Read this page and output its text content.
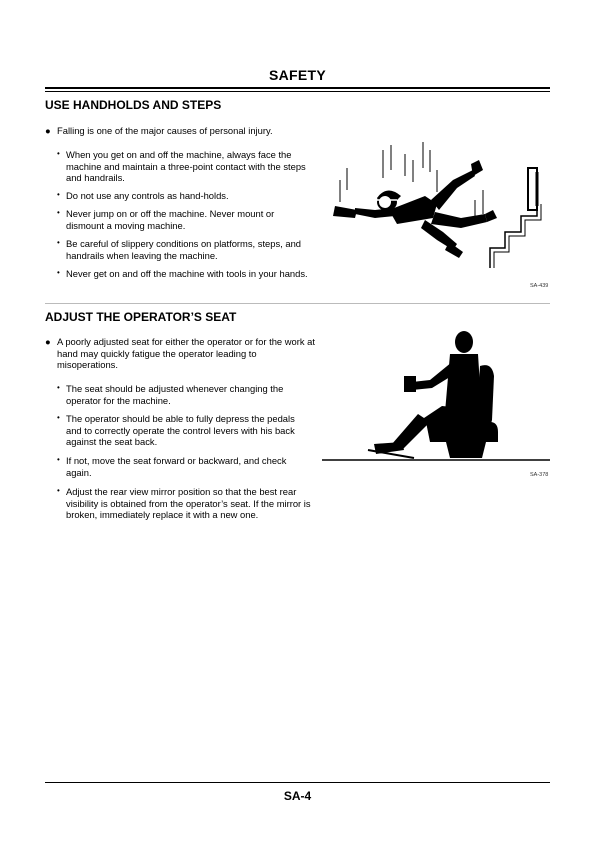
SAFETY
USE HANDHOLDS AND STEPS
● Falling is one of the major causes of personal injury.
• When you get on and off the machine, always face the machine and maintain a three-point contact with the steps and handrails.
• Do not use any controls as hand-holds.
• Never jump on or off the machine. Never mount or dismount a moving machine.
• Be careful of slippery conditions on platforms, steps, and handrails when leaving the machine.
• Never get on and off the machine with tools in your hands.
SA-439
ADJUST THE OPERATOR’S SEAT
● A poorly adjusted seat for either the operator or for the work at hand may quickly fatigue the operator leading to misoperations.
• The seat should be adjusted whenever changing the operator for the machine.
• The operator should be able to fully depress the pedals and to correctly operate the control levers with his back against the seat back.
• If not, move the seat forward or backward, and check again.
• Adjust the rear view mirror position so that the best rear visibility is obtained from the operator’s seat. If the mirror is broken, immediately replace it with a new one.
SA-378
SA-4
